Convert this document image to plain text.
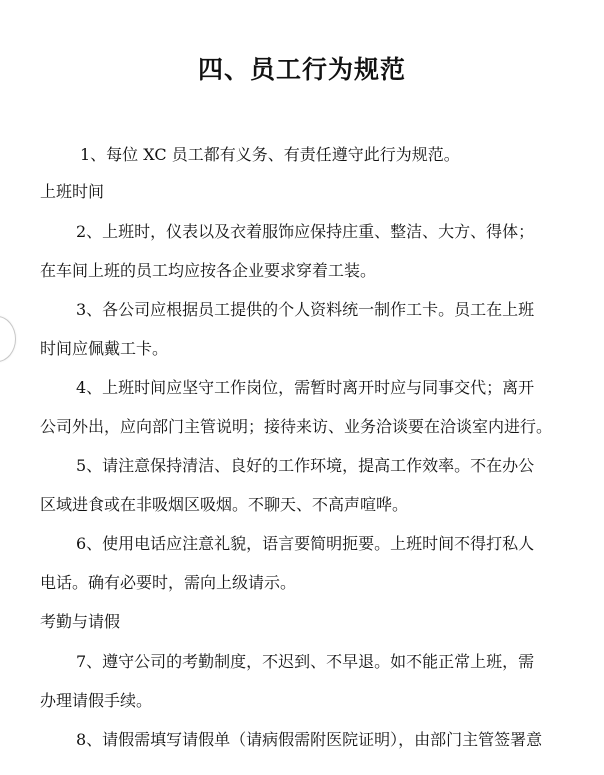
四、员工行为规范
1、每位 XC 员工都有义务、有责任遵守此行为规范。
上班时间
2、上班时，仪表以及衣着服饰应保持庄重、整洁、大方、得体；
在车间上班的员工均应按各企业要求穿着工装。
3、各公司应根据员工提供的个人资料统一制作工卡。员工在上班
时间应佩戴工卡。
4、上班时间应坚守工作岗位，需暂时离开时应与同事交代；离开
公司外出，应向部门主管说明；接待来访、业务洽谈要在洽谈室内进行。
5、请注意保持清洁、良好的工作环境，提高工作效率。不在办公
区域进食或在非吸烟区吸烟。不聊天、不高声喧哗。
6、使用电话应注意礼貌，语言要简明扼要。上班时间不得打私人
电话。确有必要时，需向上级请示。
考勤与请假
7、遵守公司的考勤制度，不迟到、不早退。如不能正常上班，需
办理请假手续。
8、请假需填写请假单（请病假需附医院证明），由部门主管签署意
